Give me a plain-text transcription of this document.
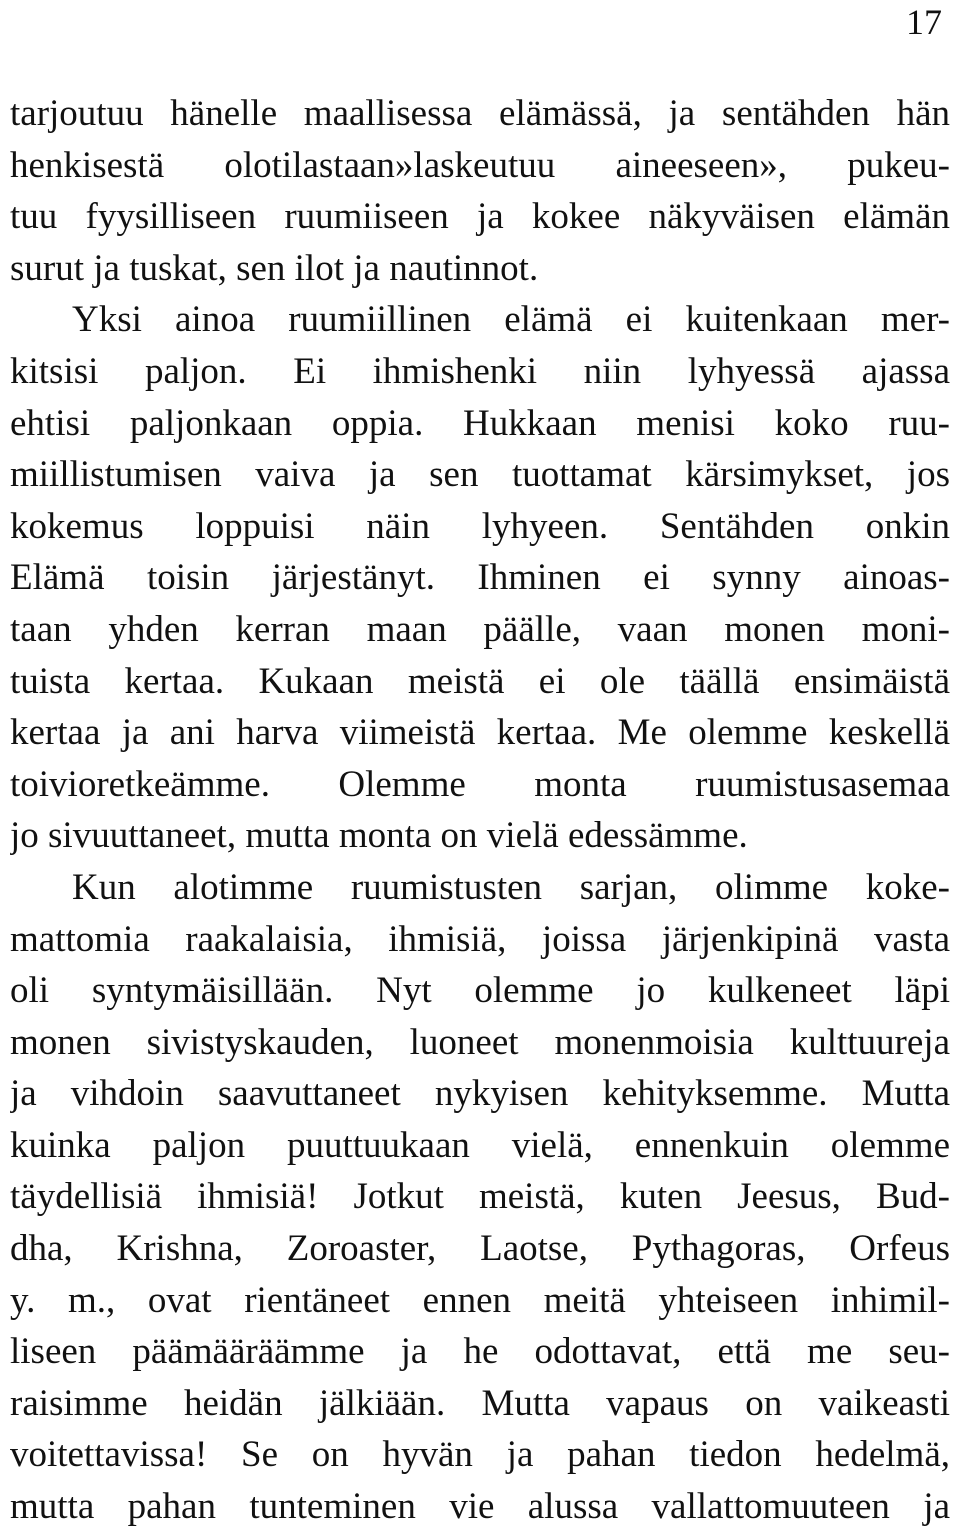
17
tarjoutuu hänelle maallisessa elämässä, ja sentähden hän
henkisestä olotilastaan»laskeutuu aineeseen», pukeu-
tuu fyysilliseen ruumiiseen ja kokee näkyväisen elämän
surut ja tuskat, sen ilot ja nautinnot.
Yksi ainoa ruumiillinen elämä ei kuitenkaan mer-
kitsisi paljon. Ei ihmishenki niin lyhyessä ajassa
ehtisi paljonkaan oppia. Hukkaan menisi koko ruu-
miillistumisen vaiva ja sen tuottamat kärsimykset, jos
kokemus loppuisi näin lyhyeen. Sentähden onkin
Elämä toisin järjestänyt. Ihminen ei synny ainoas-
taan yhden kerran maan päälle, vaan monen moni-
tuista kertaa. Kukaan meistä ei ole täällä ensimäistä
kertaa ja ani harva viimeistä kertaa. Me olemme keskellä
toivioretkeämme. Olemme monta ruumistusasemaa
jo sivuuttaneet, mutta monta on vielä edessämme.
Kun alotimme ruumistusten sarjan, olimme koke-
mattomia raakalaisia, ihmisiä, joissa järjenkipinä vasta
oli syntymäisillään. Nyt olemme jo kulkeneet läpi
monen sivistyskauden, luoneet monenmoisia kulttuureja
ja vihdoin saavuttaneet nykyisen kehityksemme. Mutta
kuinka paljon puuttuukaan vielä, ennenkuin olemme
täydellisiä ihmisiä! Jotkut meistä, kuten Jeesus, Bud-
dha, Krishna, Zoroaster, Laotse, Pythagoras, Orfeus
y. m., ovat rientäneet ennen meitä yhteiseen inhimil-
liseen päämääräämme ja he odottavat, että me seu-
raisimme heidän jälkiään. Mutta vapaus on vaikeasti
voitettavissa! Se on hyvän ja pahan tiedon hedelmä,
mutta pahan tunteminen vie alussa vallattomuuteen ja
